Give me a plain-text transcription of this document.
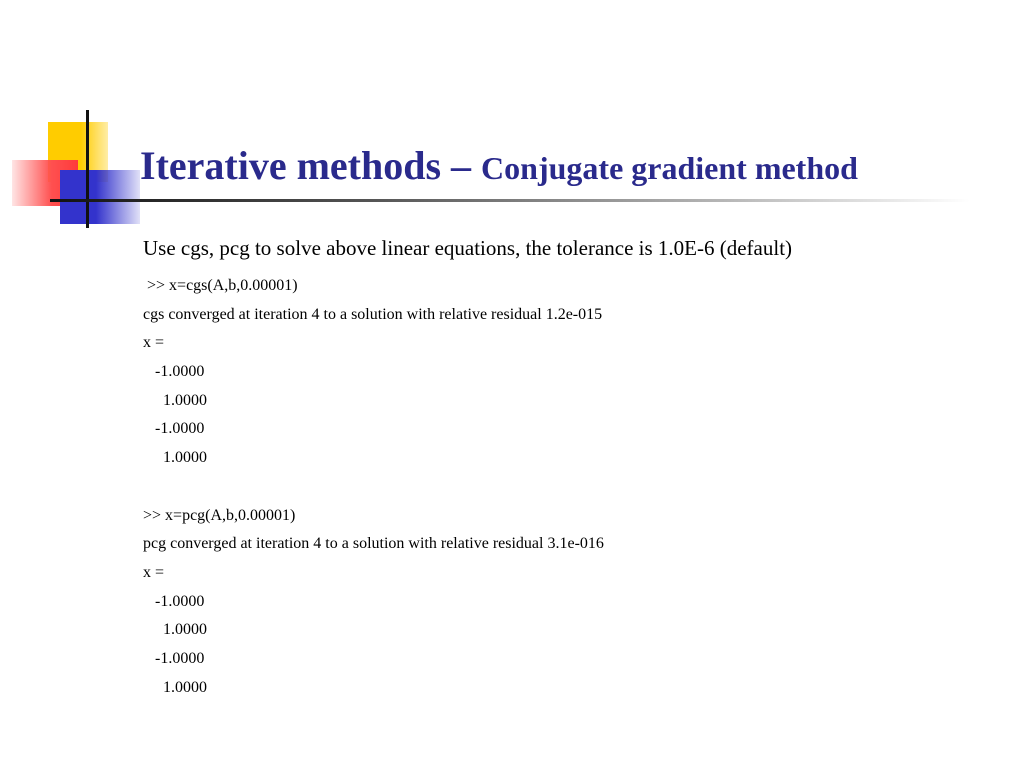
Iterative methods – Conjugate gradient method

Use cgs, pcg to solve above linear equations, the tolerance is 1.0E-6 (default)

>> x=cgs(A,b,0.00001)

cgs converged at iteration 4 to a solution with relative residual 1.2e-015

x =

-1.0000

1.0000

-1.0000

1.0000

>> x=pcg(A,b,0.00001)

pcg converged at iteration 4 to a solution with relative residual 3.1e-016

x =

-1.0000

1.0000

-1.0000

1.0000
